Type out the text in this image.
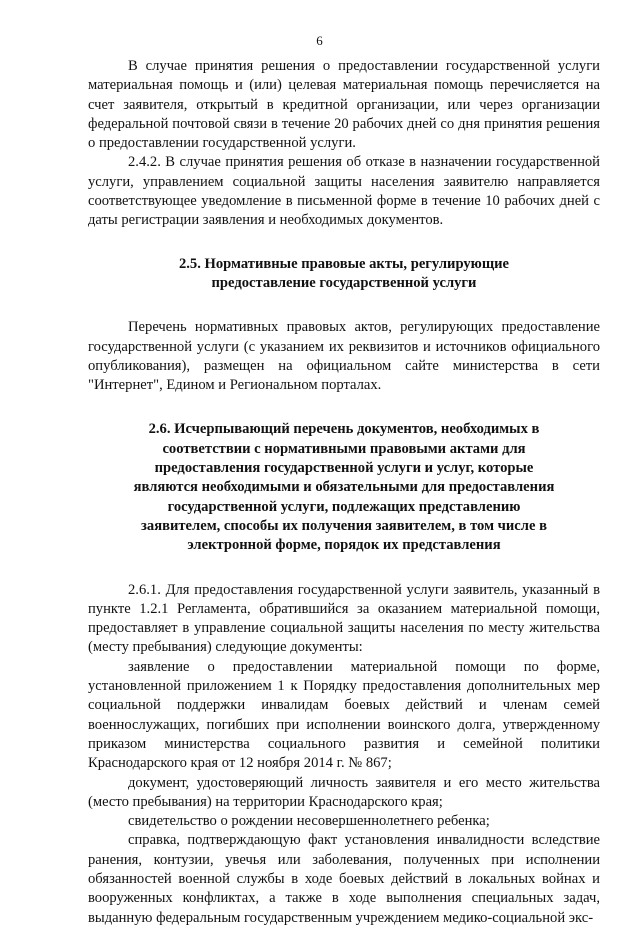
6

В случае принятия решения о предоставлении государственной услуги материальная помощь и (или) целевая материальная помощь перечисляется на счет заявителя, открытый в кредитной организации, или через организации федеральной почтовой связи в течение 20 рабочих дней со дня принятия решения о предоставлении государственной услуги.

2.4.2. В случае принятия решения об отказе в назначении государственной услуги, управлением социальной защиты населения заявителю направляется соответствующее уведомление в письменной форме в течение 10 рабочих дней с даты регистрации заявления и необходимых документов.

2.5. Нормативные правовые акты, регулирующие предоставление государственной услуги

Перечень нормативных правовых актов, регулирующих предоставление государственной услуги (с указанием их реквизитов и источников официального опубликования), размещен на официальном сайте министерства в сети "Интернет", Едином и Региональном порталах.

2.6. Исчерпывающий перечень документов, необходимых в соответствии с нормативными правовыми актами для предоставления государственной услуги и услуг, которые являются необходимыми и обязательными для предоставления государственной услуги, подлежащих представлению заявителем, способы их получения заявителем, в том числе в электронной форме, порядок их представления

2.6.1. Для предоставления государственной услуги заявитель, указанный в пункте 1.2.1 Регламента, обратившийся за оказанием материальной помощи, предоставляет в управление социальной защиты населения по месту жительства (месту пребывания) следующие документы:

заявление о предоставлении материальной помощи по форме, установленной приложением 1 к Порядку предоставления дополнительных мер социальной поддержки инвалидам боевых действий и членам семей военнослужащих, погибших при исполнении воинского долга, утвержденному приказом министерства социального развития и семейной политики Краснодарского края от 12 ноября 2014 г. № 867;

документ, удостоверяющий личность заявителя и его место жительства (место пребывания) на территории Краснодарского края;

свидетельство о рождении несовершеннолетнего ребенка;

справка, подтверждающую факт установления инвалидности вследствие ранения, контузии, увечья или заболевания, полученных при исполнении обязанностей военной службы в ходе боевых действий в локальных войнах и вооруженных конфликтах, а также в ходе выполнения специальных задач, выданную федеральным государственным учреждением медико-социальной экс-
